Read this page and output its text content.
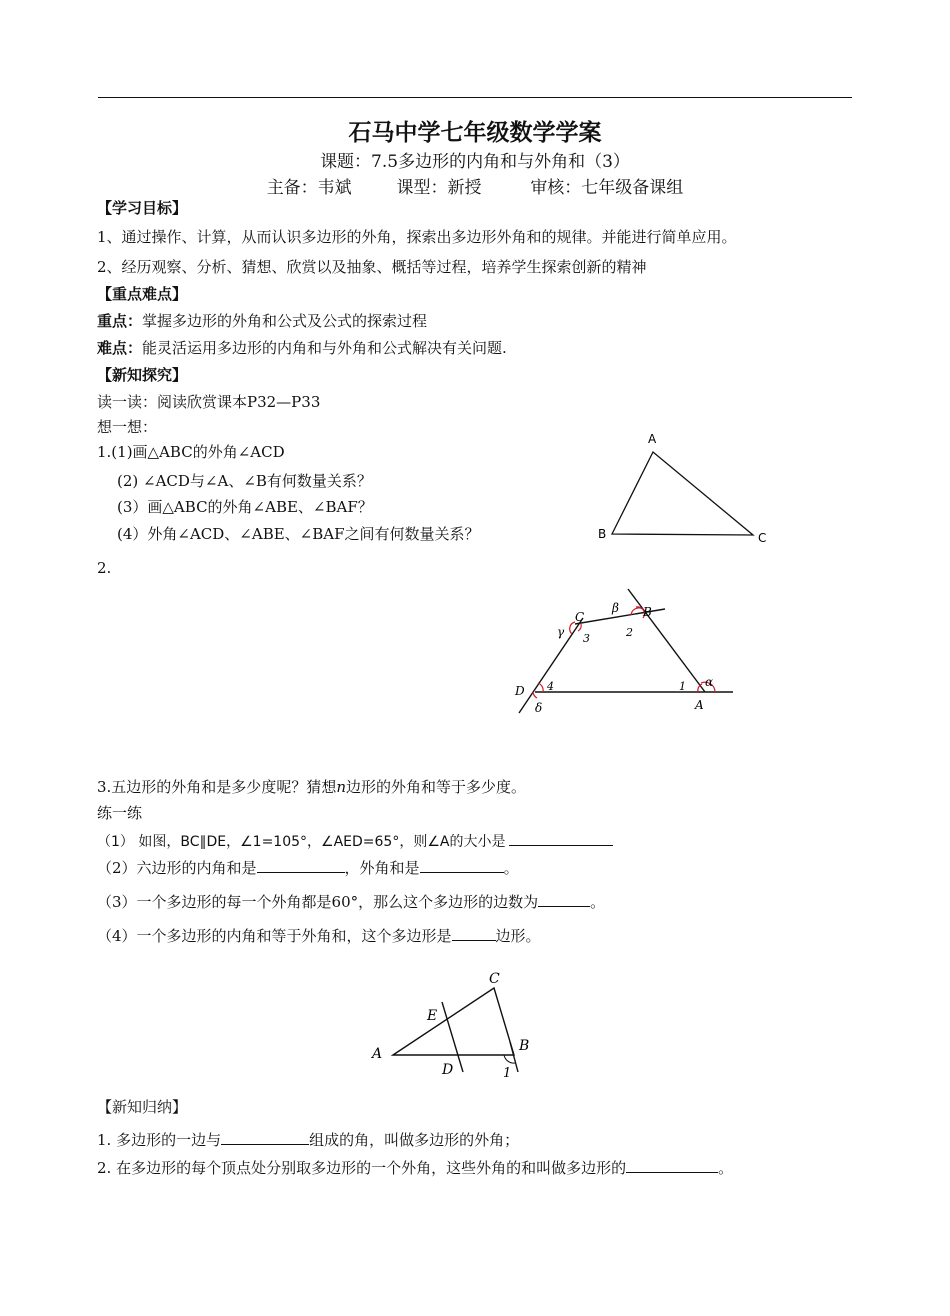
石马中学七年级数学学案
课题：7.5多边形的内角和与外角和（3）
主备：韦斌	课型：新授	审核：七年级备课组
【学习目标】
1、通过操作、计算，从而认识多边形的外角，探索出多边形外角和的规律。并能进行简单应用。
2、经历观察、分析、猜想、欣赏以及抽象、概括等过程，培养学生探索创新的精神
【重点难点】
重点：掌握多边形的外角和公式及公式的探索过程
难点：能灵活运用多边形的内角和与外角和公式解决有关问题.
【新知探究】
读一读：阅读欣赏课本P32—P33
想一想：
1.(1)画△ABC的外角∠ACD
(2) ∠ACD与∠A、∠B有何数量关系？
(3）画△ABC的外角∠ABE、∠BAF？
(4）外角∠ACD、∠ABE、∠BAF之间有何数量关系？
2.
A
B	C
C	B
D
A
β
γ
α
δ
1
2
3
4
3.五边形的外角和是多少度呢？猜想n边形的外角和等于多少度。
练一练
（1） 如图，BC∥DE，∠1=105°，∠AED=65°，则∠A的大小是
（2）六边形的内角和是	，外角和是	。
（3）一个多边形的每一个外角都是60°，那么这个多边形的边数为	。
（4）一个多边形的内角和等于外角和，这个多边形是	边形。
C
E
A
D
B
1
【新知归纳】
1. 多边形的一边与	组成的角，叫做多边形的外角；
2. 在多边形的每个顶点处分别取多边形的一个外角，这些外角的和叫做多边形的	。
